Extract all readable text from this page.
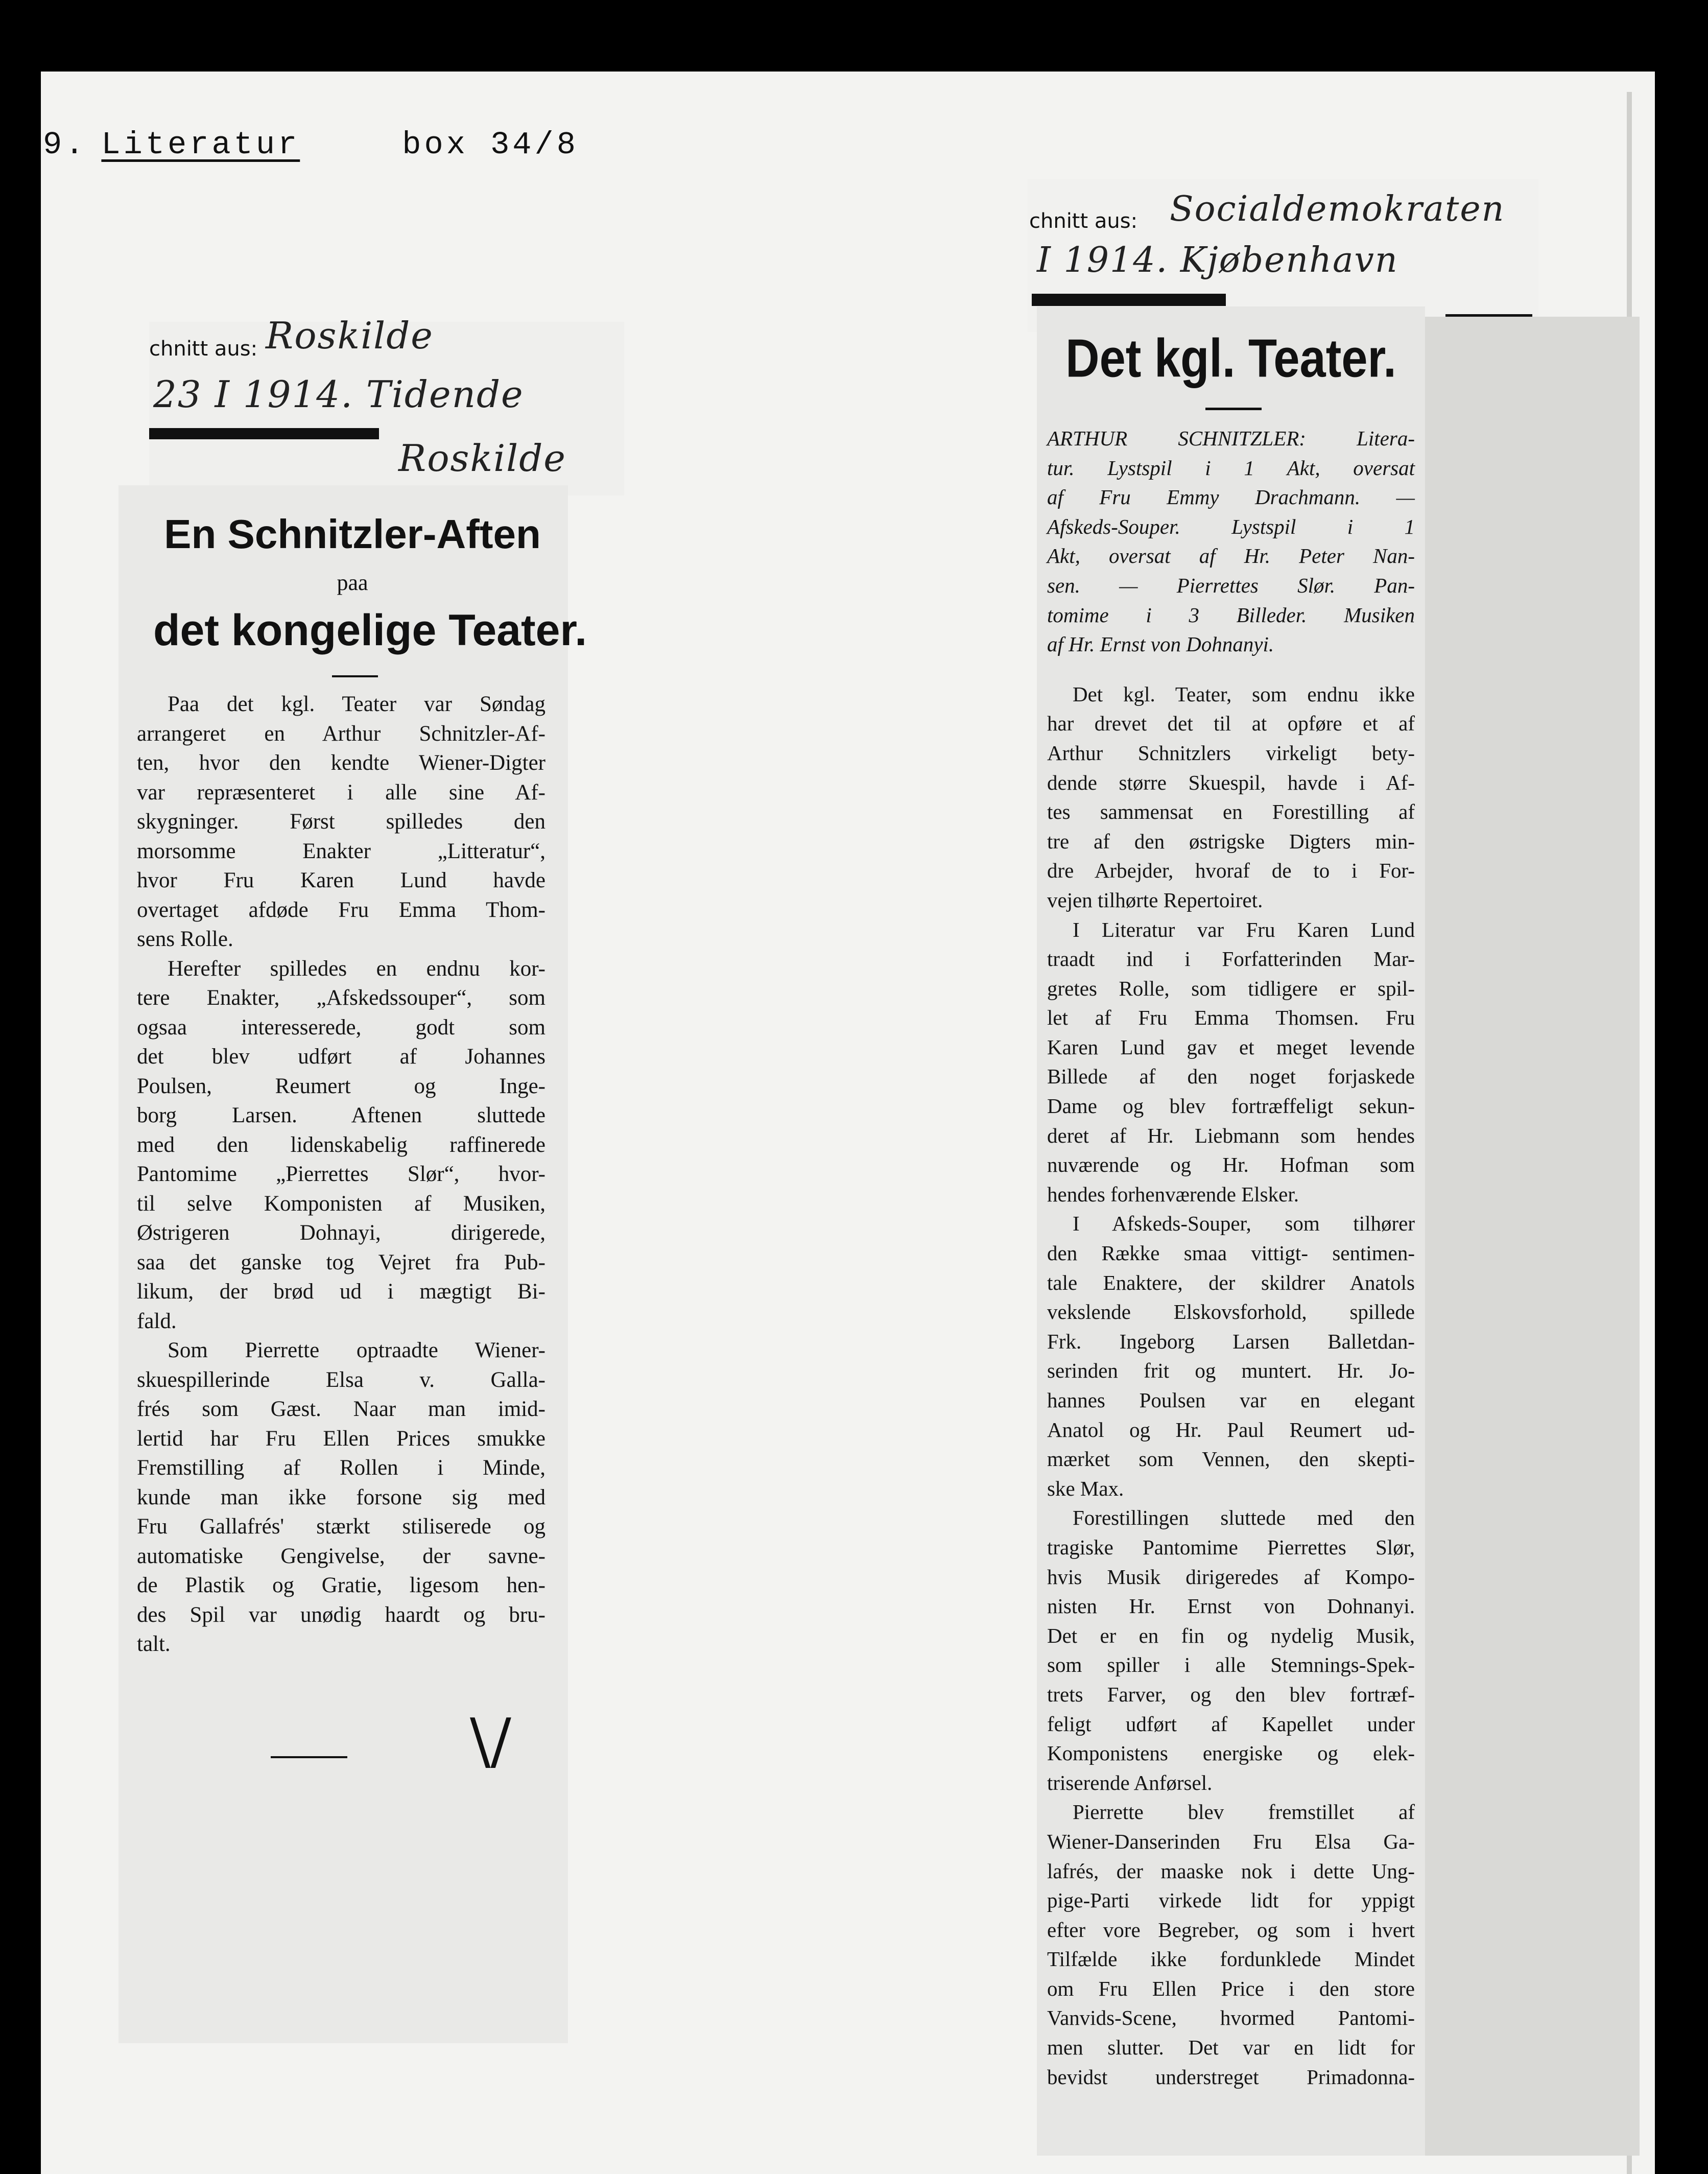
9. Literatur	box 34/8
chnitt aus: Roskilde
23 I 1914. Tidende
Roskilde
En Schnitzler-Aften
paa
det kongelige Teater.
Paa det kgl. Teater var Søndag
arrangeret en Arthur Schnitzler-Af-
ten, hvor den kendte Wiener-Digter
var repræsenteret i alle sine Af-
skygninger. Først spilledes den
morsomme Enakter „Litteratur“,
hvor Fru Karen Lund havde
overtaget afdøde Fru Emma Thom-
sens Rolle.
Herefter spilledes en endnu kor-
tere Enakter, „Afskedssouper“, som
ogsaa interesserede, godt som
det blev udført af Johannes
Poulsen, Reumert og Inge-
borg Larsen. Aftenen sluttede
med den lidenskabelig raffinerede
Pantomime „Pierrettes Slør“, hvor-
til selve Komponisten af Musiken,
Østrigeren Dohnayi, dirigerede,
saa det ganske tog Vejret fra Pub-
likum, der brød ud i mægtigt Bi-
fald.
Som Pierrette optraadte Wiener-
skuespillerinde Elsa v. Galla-
frés som Gæst. Naar man imid-
lertid har Fru Ellen Prices smukke
Fremstilling af Rollen i Minde,
kunde man ikke forsone sig med
Fru Gallafrés' stærkt stiliserede og
automatiske Gengivelse, der savne-
de Plastik og Gratie, ligesom hen-
des Spil var unødig haardt og bru-
talt.
\/
chnitt aus: Socialdemokraten
I 1914. Kjøbenhavn
Det kgl. Teater.
ARTHUR SCHNITZLER: Litera-
tur. Lystspil i 1 Akt, oversat
af Fru Emmy Drachmann. —
Afskeds-Souper. Lystspil i 1
Akt, oversat af Hr. Peter Nan-
sen. — Pierrettes Slør. Pan-
tomime i 3 Billeder. Musiken
af Hr. Ernst von Dohnanyi.
Det kgl. Teater, som endnu ikke
har drevet det til at opføre et af
Arthur Schnitzlers virkeligt bety-
dende større Skuespil, havde i Af-
tes sammensat en Forestilling af
tre af den østrigske Digters min-
dre Arbejder, hvoraf de to i For-
vejen tilhørte Repertoiret.
I Literatur var Fru Karen Lund
traadt ind i Forfatterinden Mar-
gretes Rolle, som tidligere er spil-
let af Fru Emma Thomsen. Fru
Karen Lund gav et meget levende
Billede af den noget forjaskede
Dame og blev fortræffeligt sekun-
deret af Hr. Liebmann som hendes
nuværende og Hr. Hofman som
hendes forhenværende Elsker.
I Afskeds-Souper, som tilhører
den Række smaa vittigt- sentimen-
tale Enaktere, der skildrer Anatols
vekslende Elskovsforhold, spillede
Frk. Ingeborg Larsen Balletdan-
serinden frit og muntert. Hr. Jo-
hannes Poulsen var en elegant
Anatol og Hr. Paul Reumert ud-
mærket som Vennen, den skepti-
ske Max.
Forestillingen sluttede med den
tragiske Pantomime Pierrettes Slør,
hvis Musik dirigeredes af Kompo-
nisten Hr. Ernst von Dohnanyi.
Det er en fin og nydelig Musik,
som spiller i alle Stemnings-Spek-
trets Farver, og den blev fortræf-
feligt udført af Kapellet under
Komponistens energiske og elek-
triserende Anførsel.
Pierrette blev fremstillet af
Wiener-Danserinden Fru Elsa Ga-
lafrés, der maaske nok i dette Ung-
pige-Parti virkede lidt for yppigt
efter vore Begreber, og som i hvert
Tilfælde ikke fordunklede Mindet
om Fru Ellen Price i den store
Vanvids-Scene, hvormed Pantomi-
men slutter. Det var en lidt for
bevidst understreget Primadonna-
